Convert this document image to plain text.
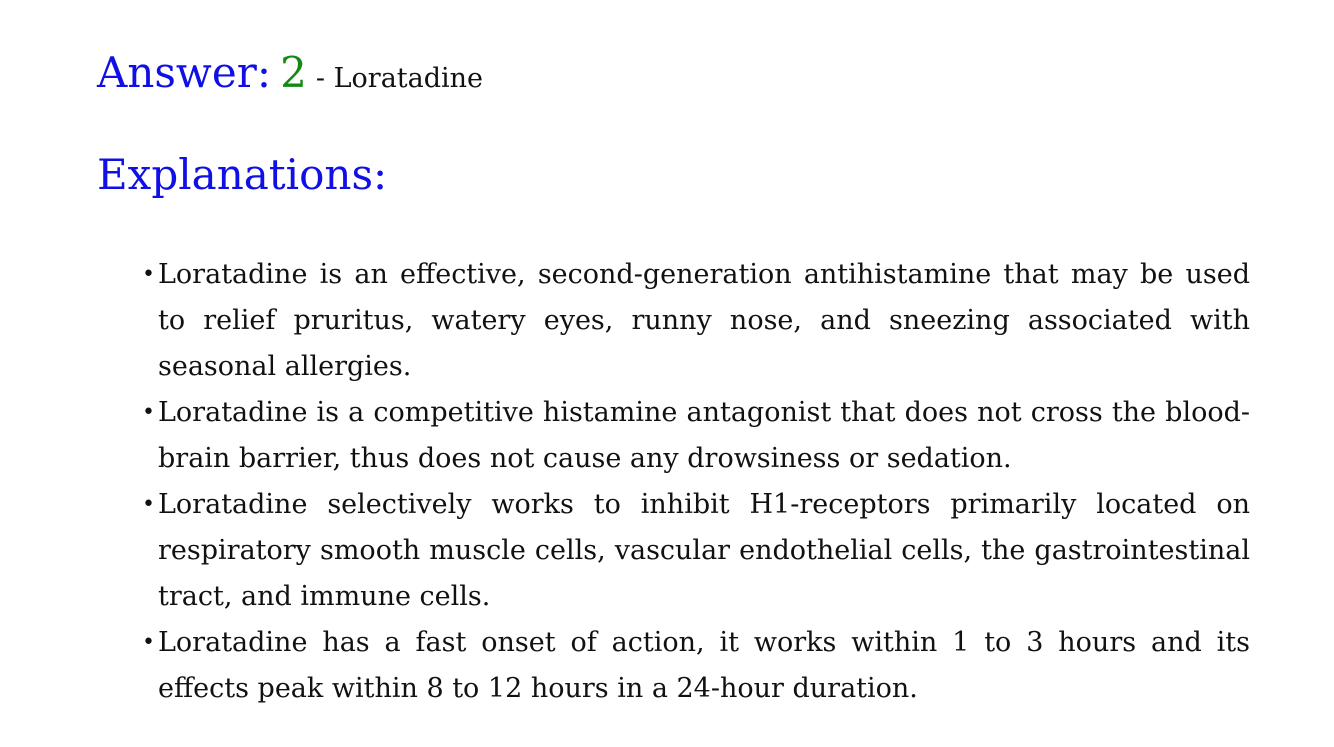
Answer: 2 - Loratadine
Explanations:
• Loratadine is an effective, second-generation antihistamine that may be used to relief pruritus, watery eyes, runny nose, and sneezing associated with seasonal allergies.
• Loratadine is a competitive histamine antagonist that does not cross the blood-brain barrier, thus does not cause any drowsiness or sedation.
• Loratadine selectively works to inhibit H1-receptors primarily located on respiratory smooth muscle cells, vascular endothelial cells, the gastrointestinal tract, and immune cells.
• Loratadine has a fast onset of action, it works within 1 to 3 hours and its effects peak within 8 to 12 hours in a 24-hour duration.
